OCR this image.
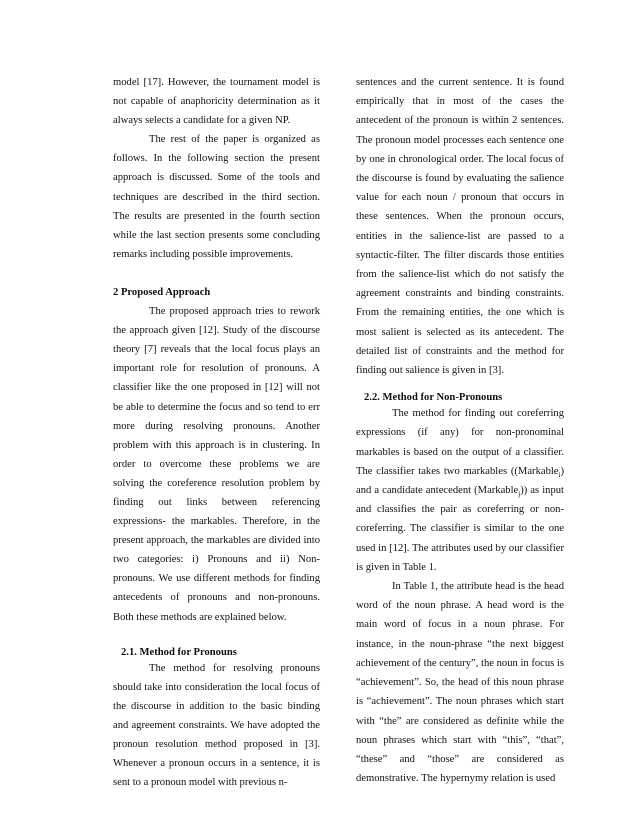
model [17]. However, the tournament model is not capable of anaphoricity determination as it always selects a candidate for a given NP.

The rest of the paper is organized as follows. In the following section the present approach is discussed. Some of the tools and techniques are described in the third section. The results are presented in the fourth section while the last section presents some concluding remarks including possible improvements.

2 Proposed Approach

The proposed approach tries to rework the approach given [12]. Study of the discourse theory [7] reveals that the local focus plays an important role for resolution of pronouns. A classifier like the one proposed in [12] will not be able to determine the focus and so tend to err more during resolving pronouns. Another problem with this approach is in clustering. In order to overcome these problems we are solving the coreference resolution problem by finding out links between referencing expressions- the markables. Therefore, in the present approach, the markables are divided into two categories: i) Pronouns and ii) Non-pronouns. We use different methods for finding antecedents of pronouns and non-pronouns. Both these methods are explained below.

2.1. Method for Pronouns

The method for resolving pronouns should take into consideration the local focus of the discourse in addition to the basic binding and agreement constraints. We have adopted the pronoun resolution method proposed in [3]. Whenever a pronoun occurs in a sentence, it is sent to a pronoun model with previous n-

sentences and the current sentence. It is found empirically that in most of the cases the antecedent of the pronoun is within 2 sentences. The pronoun model processes each sentence one by one in chronological order. The local focus of the discourse is found by evaluating the salience value for each noun / pronoun that occurs in these sentences. When the pronoun occurs, entities in the salience-list are passed to a syntactic-filter. The filter discards those entities from the salience-list which do not satisfy the agreement constraints and binding constraints. From the remaining entities, the one which is most salient is selected as its antecedent. The detailed list of constraints and the method for finding out salience is given in [3].

2.2. Method for Non-Pronouns

The method for finding out coreferring expressions (if any) for non-pronominal markables is based on the output of a classifier. The classifier takes two markables ((Markable$_i$) and a candidate antecedent (Markable$_j$)) as input and classifies the pair as coreferring or non-coreferring. The classifier is similar to the one used in [12]. The attributes used by our classifier is given in Table 1.

In Table 1, the attribute head is the head word of the noun phrase. A head word is the main word of focus in a noun phrase. For instance, in the noun-phrase “the next biggest achievement of the century”, the noun in focus is “achievement”. So, the head of this noun phrase is “achievement”. The noun phrases which start with “the” are considered as definite while the noun phrases which start with “this”, “that”, “these” and “those” are considered as demonstrative. The hypernymy relation is used
